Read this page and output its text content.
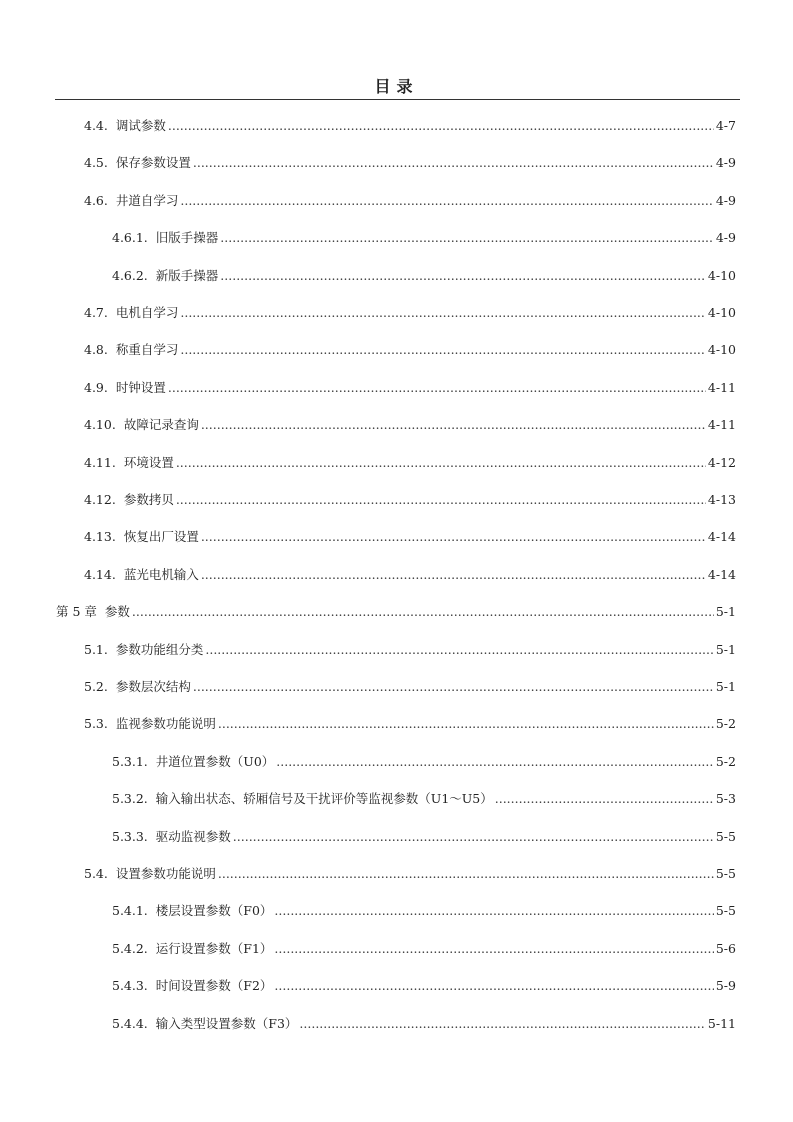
目录
4.4. 调试参数 .....	4-7
4.5. 保存参数设置 .....	4-9
4.6. 井道自学习 .....	4-9
4.6.1. 旧版手操器 .....	4-9
4.6.2. 新版手操器 .....	4-10
4.7. 电机自学习 .....	4-10
4.8. 称重自学习 .....	4-10
4.9. 时钟设置 .....	4-11
4.10. 故障记录查询 .....	4-11
4.11. 环境设置 .....	4-12
4.12. 参数拷贝 .....	4-13
4.13. 恢复出厂设置 .....	4-14
4.14. 蓝光电机输入 .....	4-14
第 5 章 参数 .....	5-1
5.1. 参数功能组分类 .....	5-1
5.2. 参数层次结构 .....	5-1
5.3. 监视参数功能说明 .....	5-2
5.3.1. 井道位置参数（U0） .....	5-2
5.3.2. 输入输出状态、轿厢信号及干扰评价等监视参数（U1～U5） .....	5-3
5.3.3. 驱动监视参数 .....	5-5
5.4. 设置参数功能说明 .....	5-5
5.4.1. 楼层设置参数（F0） .....	5-5
5.4.2. 运行设置参数（F1） .....	5-6
5.4.3. 时间设置参数（F2） .....	5-9
5.4.4. 输入类型设置参数（F3） .....	5-11
